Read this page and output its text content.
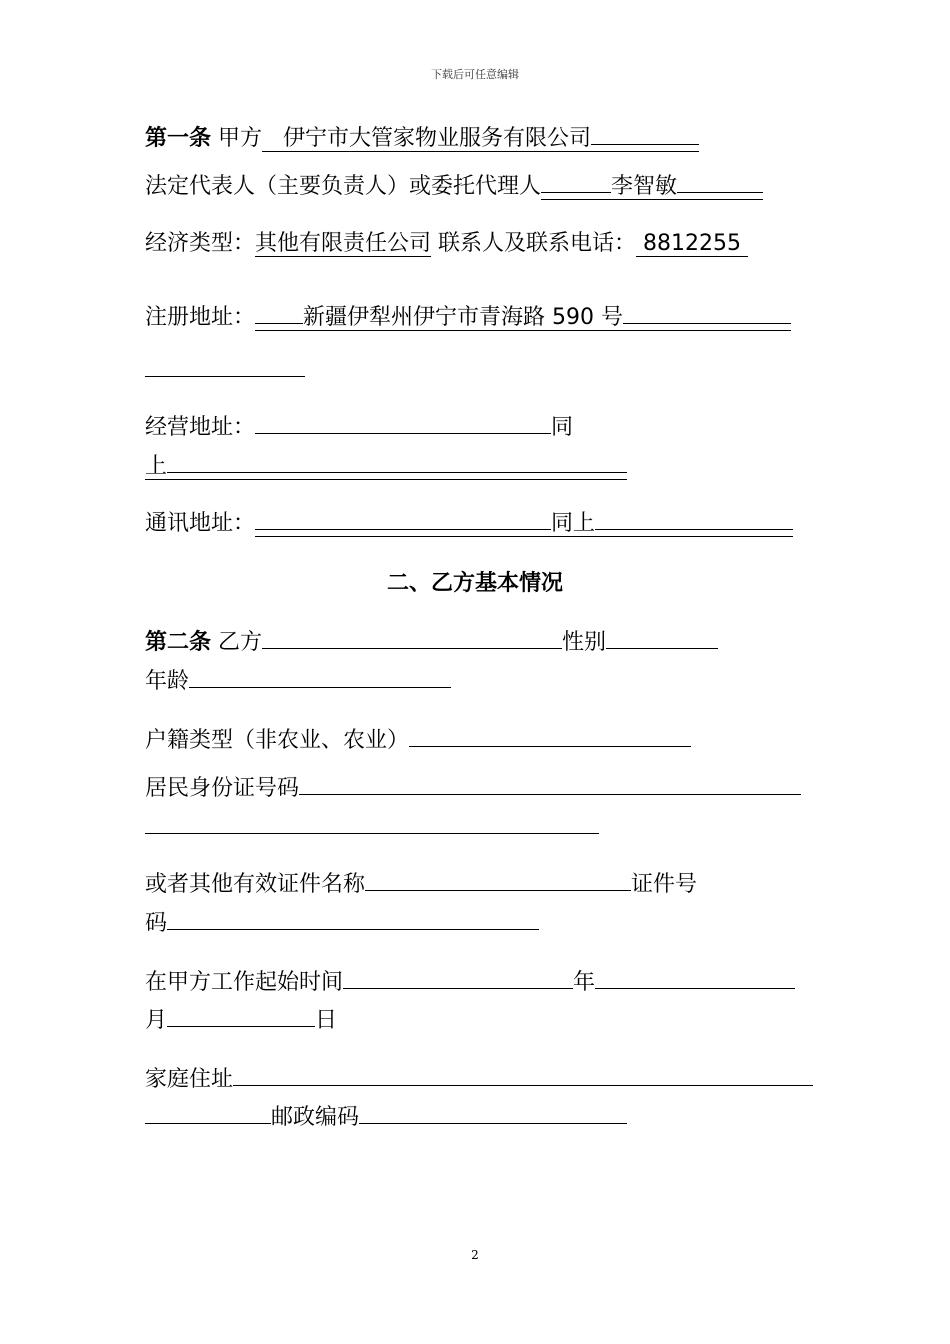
下载后可任意编辑
第一条 甲方 伊宁市大管家物业服务有限公司
法定代表人（主要负责人）或委托代理人	李智敏
经济类型：其他有限责任公司 联系人及联系电话： 8812255
注册地址： 新疆伊犁州伊宁市青海路 590 号
经营地址：	同
上
通讯地址：	同上
二、乙方基本情况
第二条 乙方	性别
年龄
户籍类型（非农业、农业）
居民身份证号码
或者其他有效证件名称	证件号
码
在甲方工作起始时间	年
月	日
家庭住址
邮政编码
2
